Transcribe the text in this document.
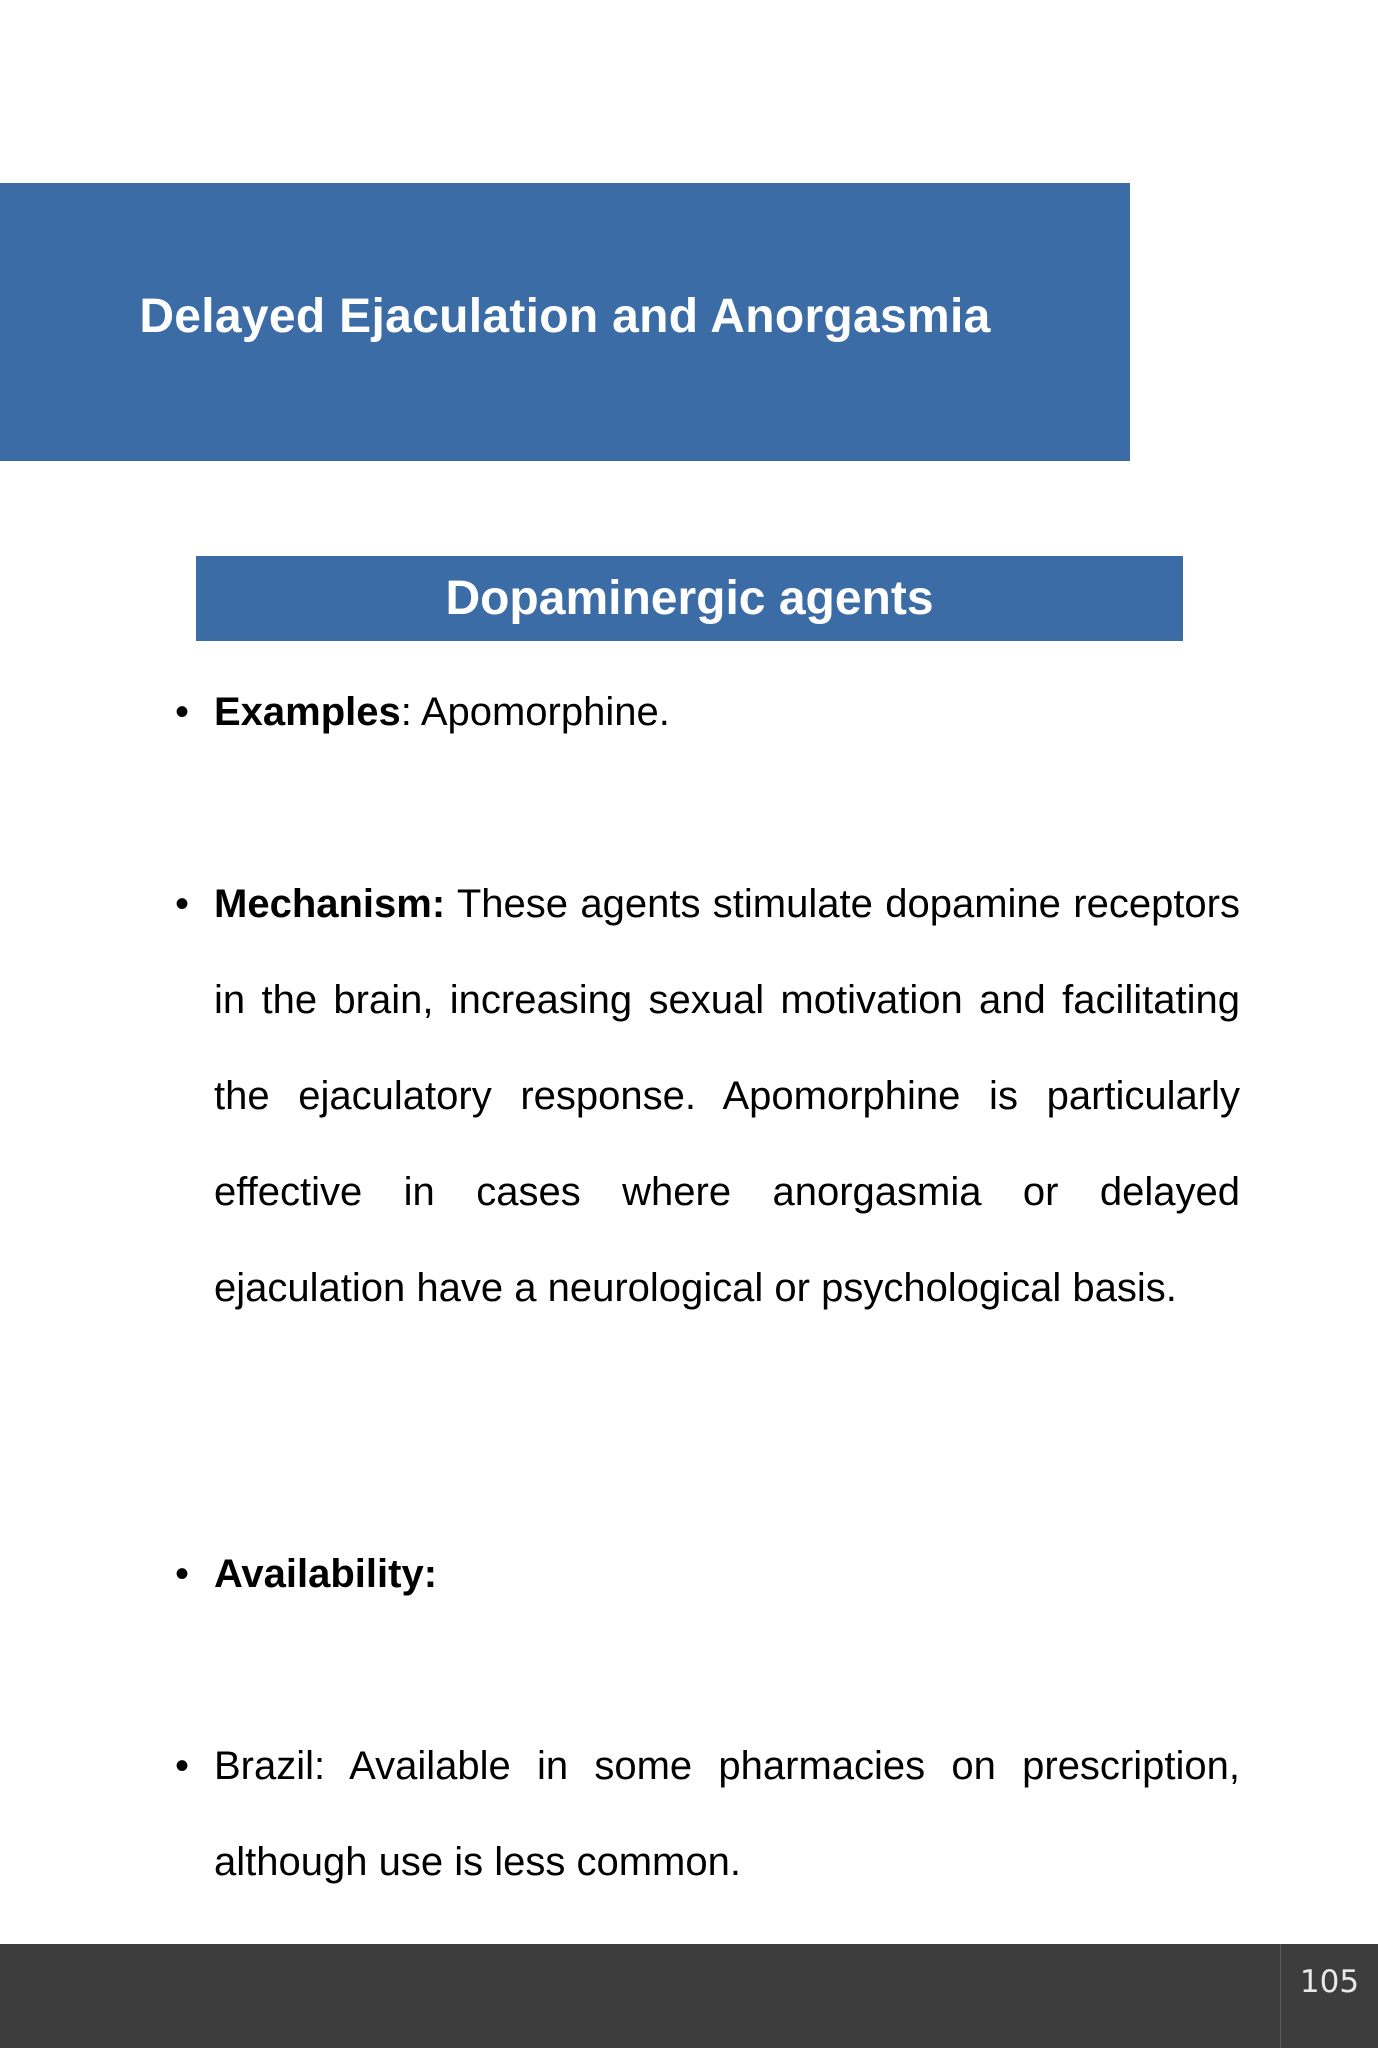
Delayed Ejaculation and Anorgasmia
Dopaminergic agents
• Examples: Apomorphine.
• Mechanism: These agents stimulate dopamine receptors in the brain, increasing sexual motivation and facilitating the ejaculatory response. Apomorphine is particularly effective in cases where anorgasmia or delayed ejaculation have a neurological or psychological basis.
• Availability:
• Brazil: Available in some pharmacies on prescription, although use is less common.
105
